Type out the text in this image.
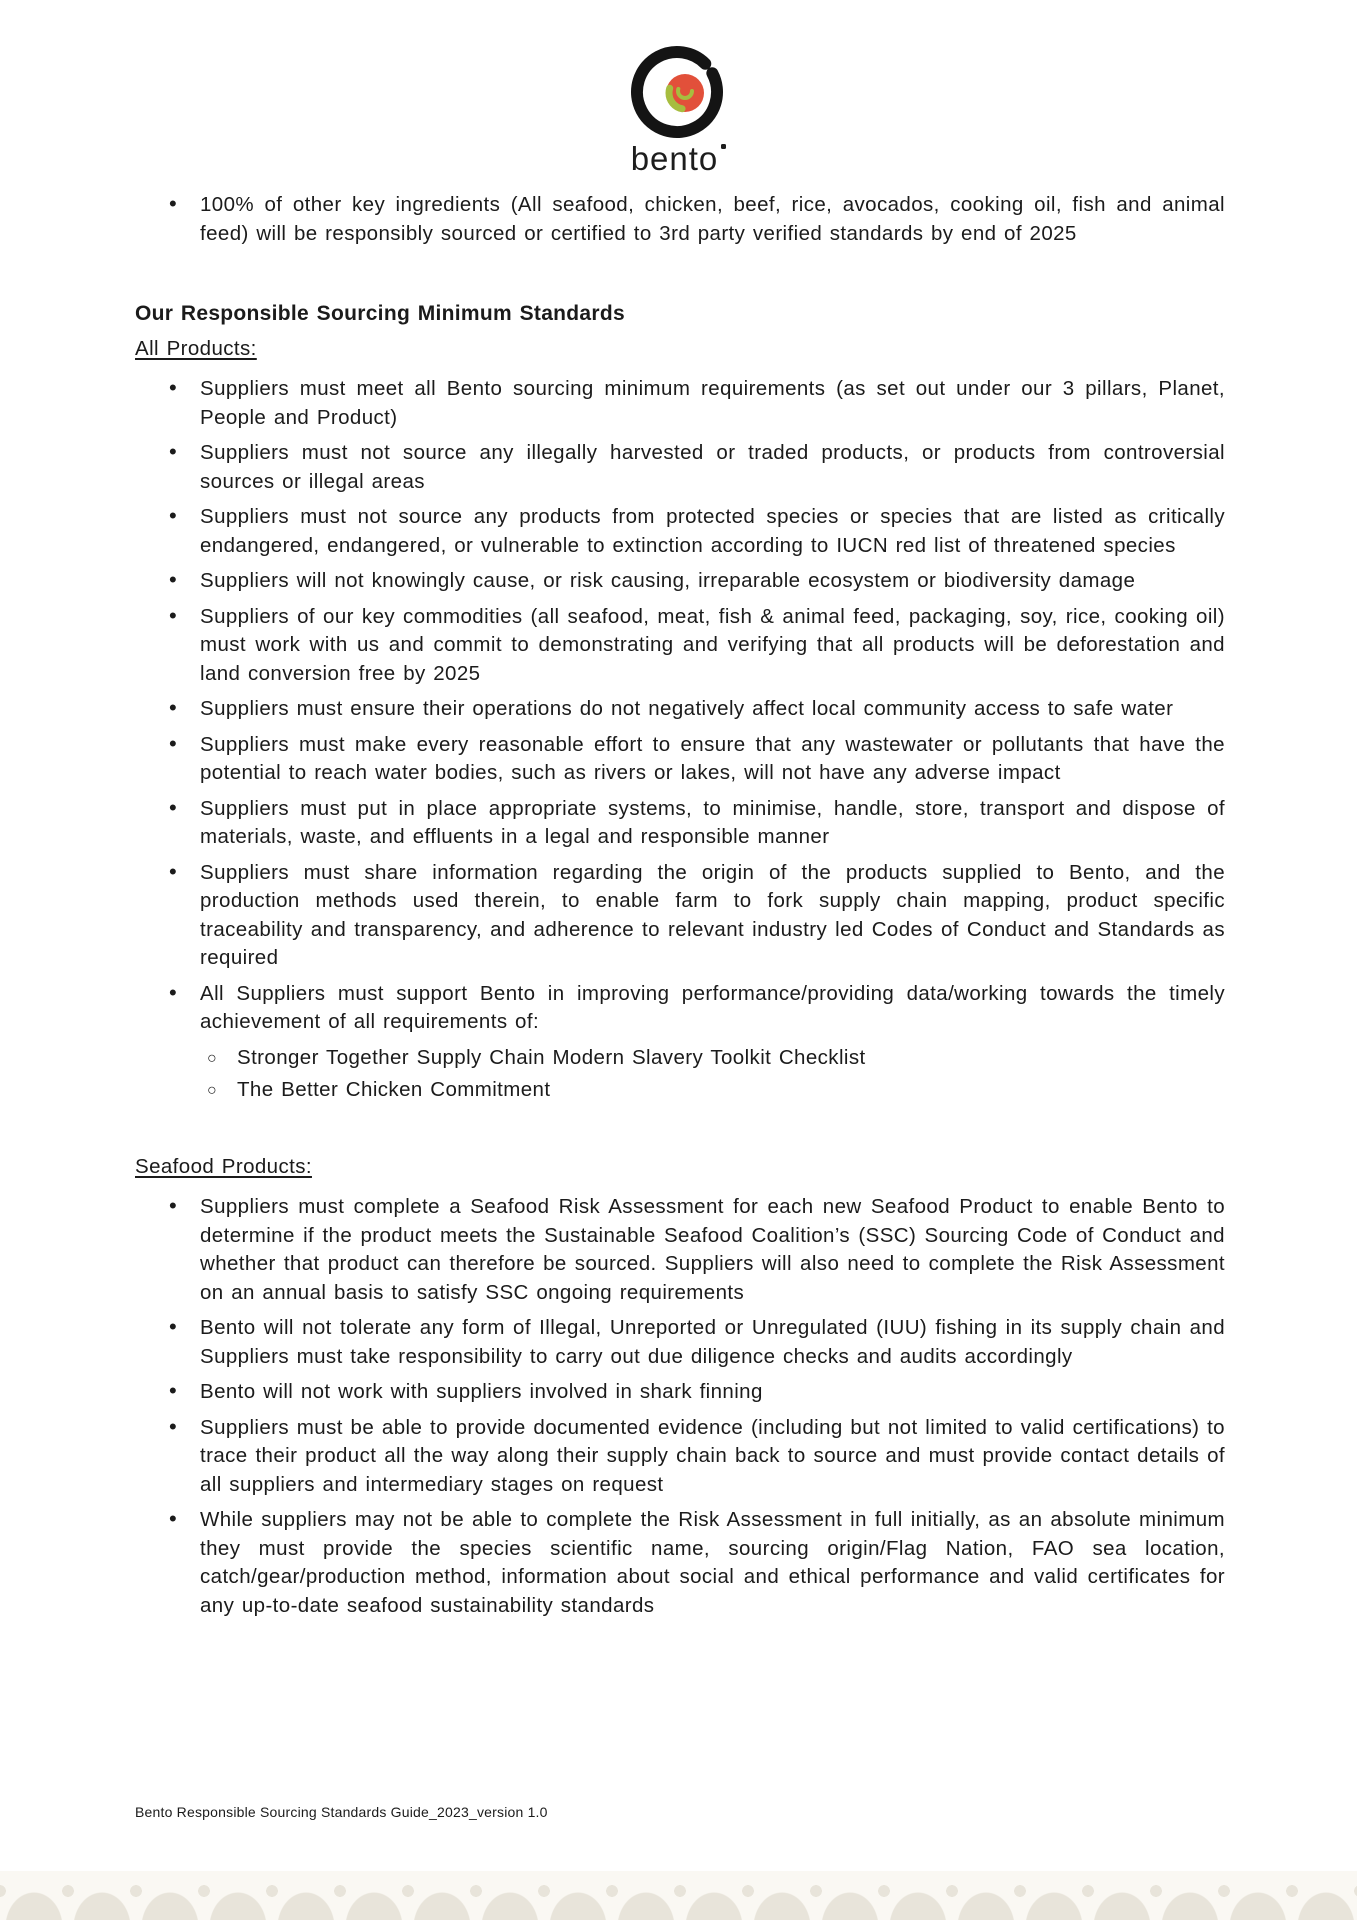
bento
• 100% of other key ingredients (All seafood, chicken, beef, rice, avocados, cooking oil, fish and animal feed) will be responsibly sourced or certified to 3rd party verified standards by end of 2025
Our Responsible Sourcing Minimum Standards
All Products:
• Suppliers must meet all Bento sourcing minimum requirements (as set out under our 3 pillars, Planet, People and Product)
• Suppliers must not source any illegally harvested or traded products, or products from controversial sources or illegal areas
• Suppliers must not source any products from protected species or species that are listed as critically endangered, endangered, or vulnerable to extinction according to IUCN red list of threatened species
• Suppliers will not knowingly cause, or risk causing, irreparable ecosystem or biodiversity damage
• Suppliers of our key commodities (all seafood, meat, fish & animal feed, packaging, soy, rice, cooking oil) must work with us and commit to demonstrating and verifying that all products will be deforestation and land conversion free by 2025
• Suppliers must ensure their operations do not negatively affect local community access to safe water
• Suppliers must make every reasonable effort to ensure that any wastewater or pollutants that have the potential to reach water bodies, such as rivers or lakes, will not have any adverse impact
• Suppliers must put in place appropriate systems, to minimise, handle, store, transport and dispose of materials, waste, and effluents in a legal and responsible manner
• Suppliers must share information regarding the origin of the products supplied to Bento, and the production methods used therein, to enable farm to fork supply chain mapping, product specific traceability and transparency, and adherence to relevant industry led Codes of Conduct and Standards as required
• All Suppliers must support Bento in improving performance/providing data/working towards the timely achievement of all requirements of:
○ Stronger Together Supply Chain Modern Slavery Toolkit Checklist
○ The Better Chicken Commitment
Seafood Products:
• Suppliers must complete a Seafood Risk Assessment for each new Seafood Product to enable Bento to determine if the product meets the Sustainable Seafood Coalition’s (SSC) Sourcing Code of Conduct and whether that product can therefore be sourced. Suppliers will also need to complete the Risk Assessment on an annual basis to satisfy SSC ongoing requirements
• Bento will not tolerate any form of Illegal, Unreported or Unregulated (IUU) fishing in its supply chain and Suppliers must take responsibility to carry out due diligence checks and audits accordingly
• Bento will not work with suppliers involved in shark finning
• Suppliers must be able to provide documented evidence (including but not limited to valid certifications) to trace their product all the way along their supply chain back to source and must provide contact details of all suppliers and intermediary stages on request
• While suppliers may not be able to complete the Risk Assessment in full initially, as an absolute minimum they must provide the species scientific name, sourcing origin/Flag Nation, FAO sea location, catch/gear/production method, information about social and ethical performance and valid certificates for any up-to-date seafood sustainability standards
Bento Responsible Sourcing Standards Guide_2023_version 1.0
